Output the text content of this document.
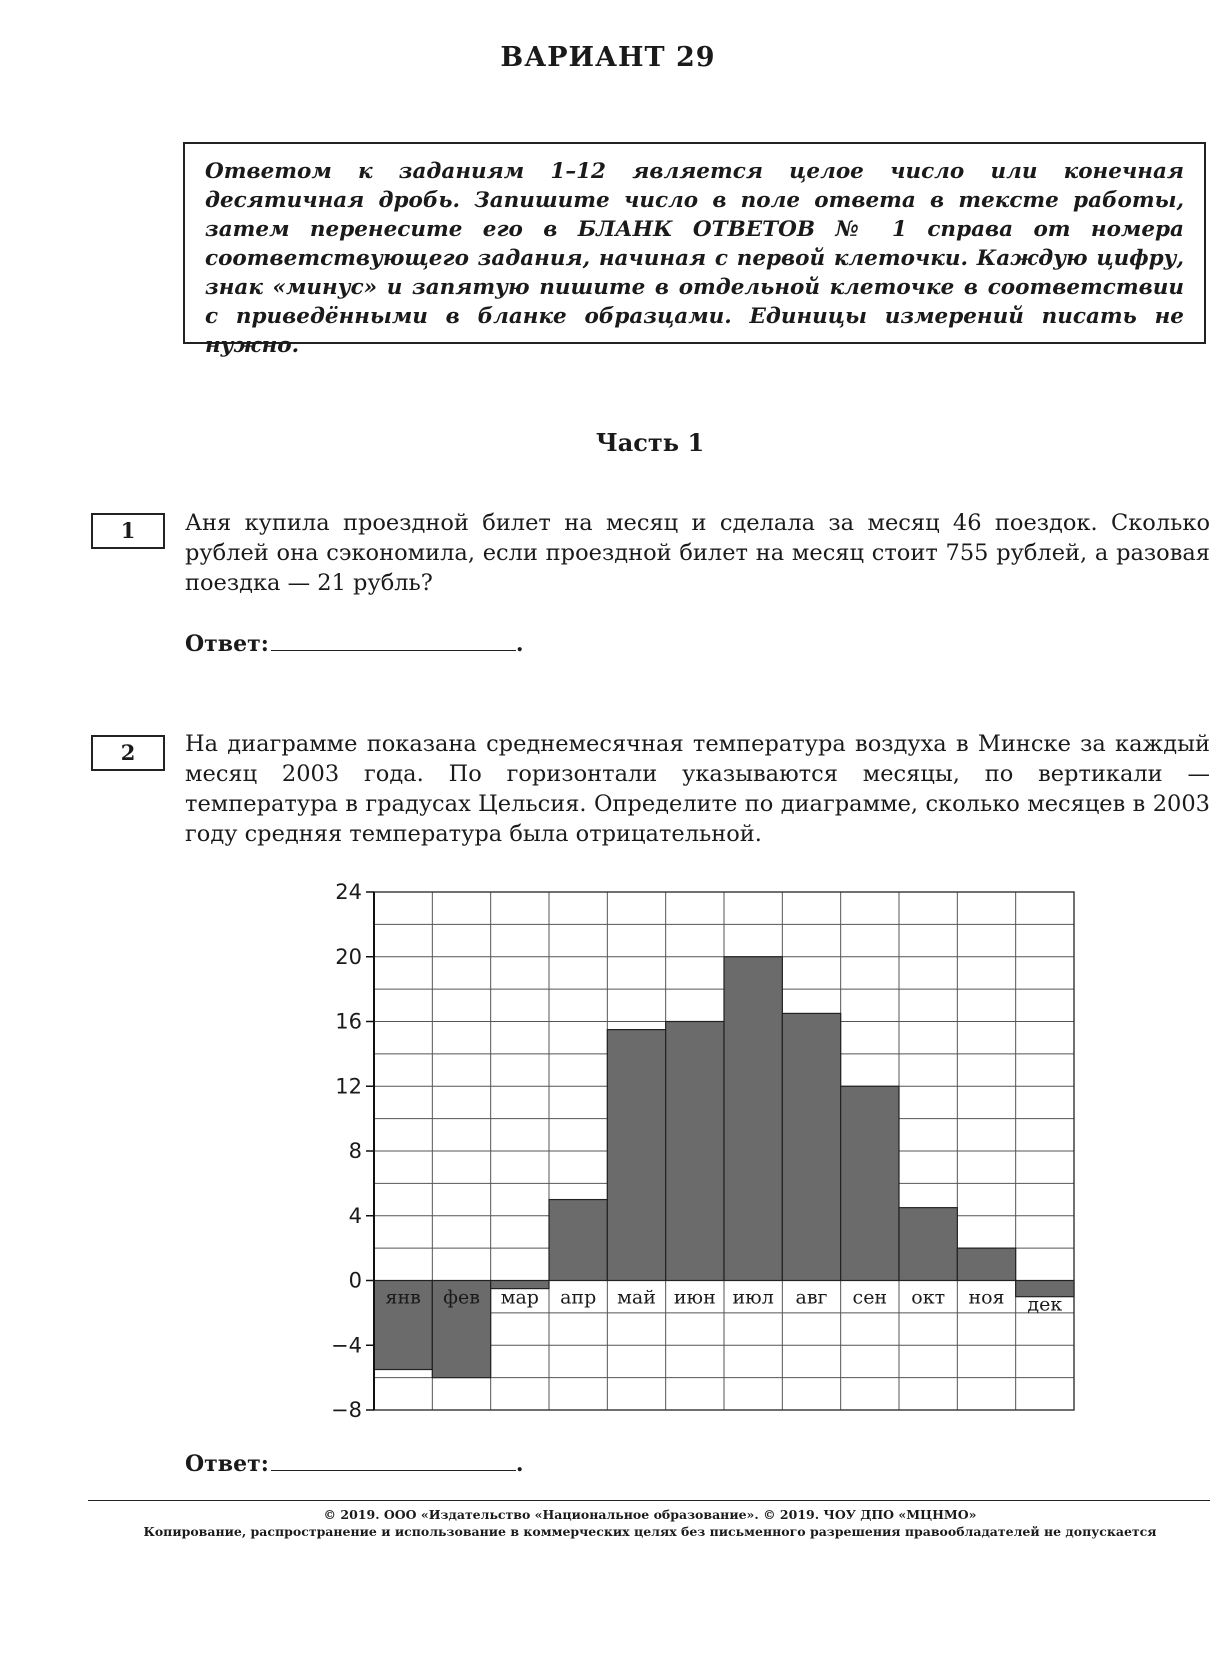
ВАРИАНТ 29

Ответом к заданиям 1–12 является целое число или конечная десятичная дробь. Запишите число в поле ответа в тексте работы, затем перенесите его в БЛАНК ОТВЕТОВ № 1 справа от номера соответствующего задания, начиная с первой клеточки. Каждую цифру, знак «минус» и запятую пишите в отдельной клеточке в соответствии с приведёнными в бланке образцами. Единицы измерений писать не нужно.

Часть 1
1	Аня купила проездной билет на месяц и сделала за месяц 46 поездок. Сколько рублей она сэкономила, если проездной билет на месяц стоит 755 рублей, а разовая поездка — 21 рубль?

Ответ:	.
2	На диаграмме показана среднемесячная температура воздуха в Минске за каждый месяц 2003 года. По горизонтали указываются месяцы, по вертикали — температура в градусах Цельсия. Определите по диаграмме, сколько месяцев в 2003 году средняя температура была отрицательной.

24
20
16
12
8
4
0
−4
−8
янв фев мар апр май июн июл авг сен окт ноя дек
Ответ:	.
© 2019. ООО «Издательство «Национальное образование». © 2019. ЧОУ ДПО «МЦНМО»
Копирование, распространение и использование в коммерческих целях без письменного разрешения правообладателей не допускается
